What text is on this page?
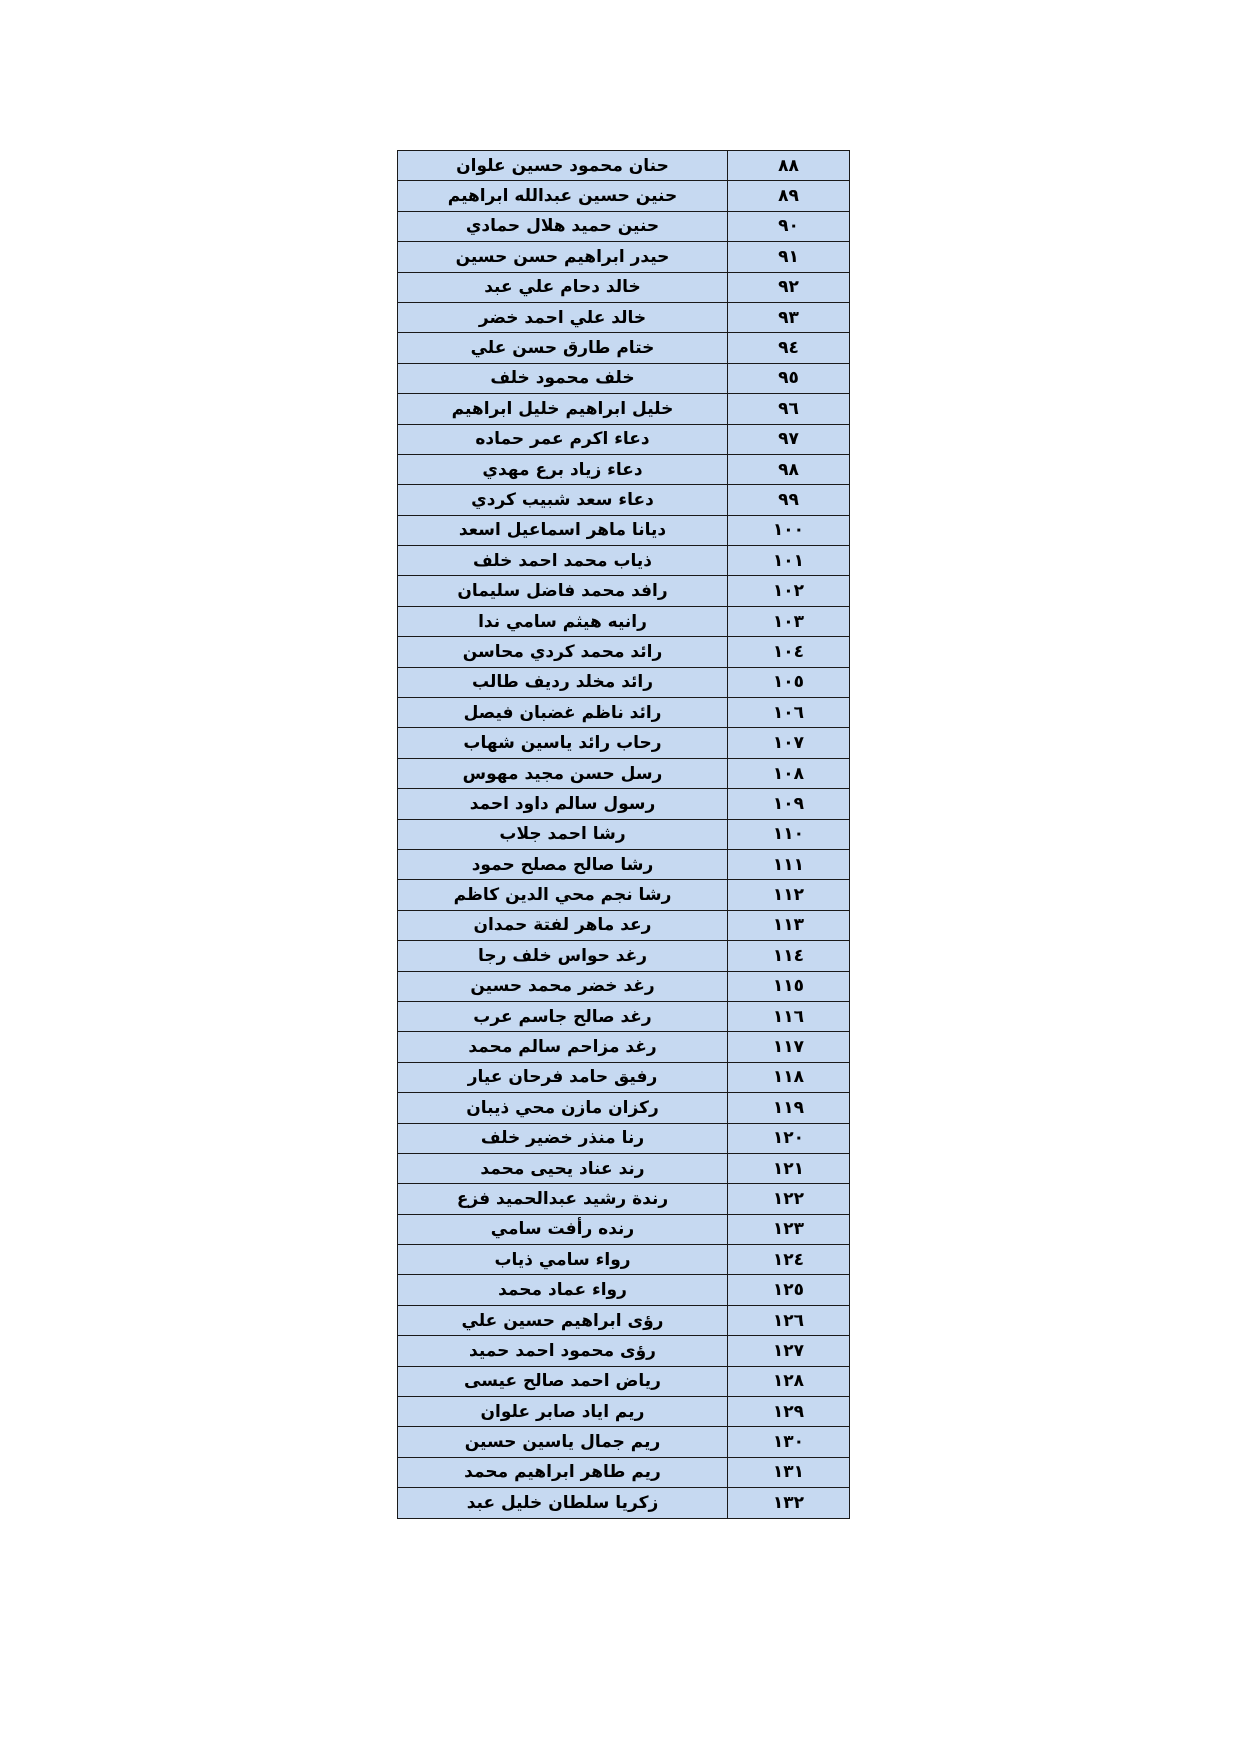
حنان محمود حسين علوان	٨٨
حنين حسين عبدالله ابراهيم	٨٩
حنين حميد هلال حمادي	٩٠
حيدر ابراهيم حسن حسين	٩١
خالد دحام علي عبد	٩٢
خالد علي احمد خضر	٩٣
ختام طارق حسن علي	٩٤
خلف محمود خلف	٩٥
خليل ابراهيم خليل ابراهيم	٩٦
دعاء اكرم عمر حماده	٩٧
دعاء زياد برع مهدي	٩٨
دعاء سعد شبيب كردي	٩٩
ديانا ماهر اسماعيل اسعد	١٠٠
ذياب محمد احمد خلف	١٠١
رافد محمد فاضل سليمان	١٠٢
رانيه هيثم سامي ندا	١٠٣
رائد محمد كردي محاسن	١٠٤
رائد مخلد رديف طالب	١٠٥
رائد ناظم غضبان فيصل	١٠٦
رحاب رائد ياسين شهاب	١٠٧
رسل حسن مجيد مهوس	١٠٨
رسول سالم داود احمد	١٠٩
رشا احمد جلاب	١١٠
رشا صالح مصلح حمود	١١١
رشا نجم محي الدين كاظم	١١٢
رعد ماهر لفتة حمدان	١١٣
رغد حواس خلف رجا	١١٤
رغد خضر محمد حسين	١١٥
رغد صالح جاسم عرب	١١٦
رغد مزاحم سالم محمد	١١٧
رفيق حامد فرحان عيار	١١٨
ركزان مازن محي ذيبان	١١٩
رنا منذر خضير خلف	١٢٠
رند عناد يحيى محمد	١٢١
رندة رشيد عبدالحميد فزع	١٢٢
رنده رأفت سامي	١٢٣
رواء سامي ذياب	١٢٤
رواء عماد محمد	١٢٥
رؤى ابراهيم حسين علي	١٢٦
رؤى محمود احمد حميد	١٢٧
رياض احمد صالح عيسى	١٢٨
ريم اياد صابر علوان	١٢٩
ريم جمال ياسين حسين	١٣٠
ريم طاهر ابراهيم محمد	١٣١
زكريا سلطان خليل عبد	١٣٢
